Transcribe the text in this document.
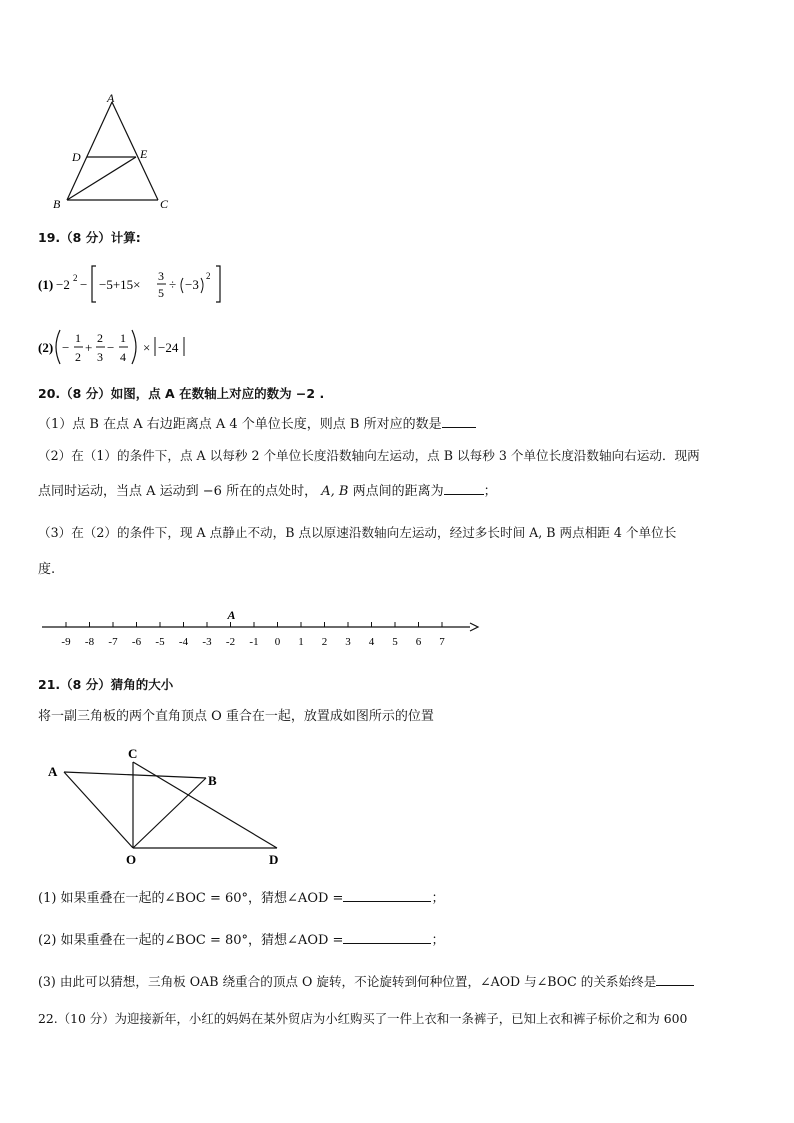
A
D	E
B	C
19.（8 分）计算:
(1) −2 2 − −5+15×
3
5
÷ −3
2
(2) −
1
2
+
2
3
−
1
4
× −24
20.（8 分）如图，点 A 在数轴上对应的数为 −2 .
（1）点 B 在点 A 右边距离点 A 4 个单位长度，则点 B 所对应的数是
（2）在（1）的条件下，点 A 以每秒 2 个单位长度沿数轴向左运动，点 B 以每秒 3 个单位长度沿数轴向右运动．现两
点同时运动，当点 A 运动到 −6 所在的点处时， A, B 两点间的距离为	；
（3）在（2）的条件下，现 A 点静止不动，B 点以原速沿数轴向左运动，经过多长时间 A, B 两点相距 4 个单位长
度.
-9 -8 -7 -6 -5 -4 -3 -2 -1 0 1 2 3 4 5 6 7
A
21.（8 分）猜角的大小
将一副三角板的两个直角顶点 O 重合在一起，放置成如图所示的位置
A
C
B
O	D
(1) 如果重叠在一起的∠BOC = 60°，猜想∠AOD =	；
(2) 如果重叠在一起的∠BOC = 80°，猜想∠AOD =	；
(3) 由此可以猜想，三角板 OAB 绕重合的顶点 O 旋转，不论旋转到何种位置，∠AOD 与∠BOC 的关系始终是
22.（10 分）为迎接新年，小红的妈妈在某外贸店为小红购买了一件上衣和一条裤子，已知上衣和裤子标价之和为 600
